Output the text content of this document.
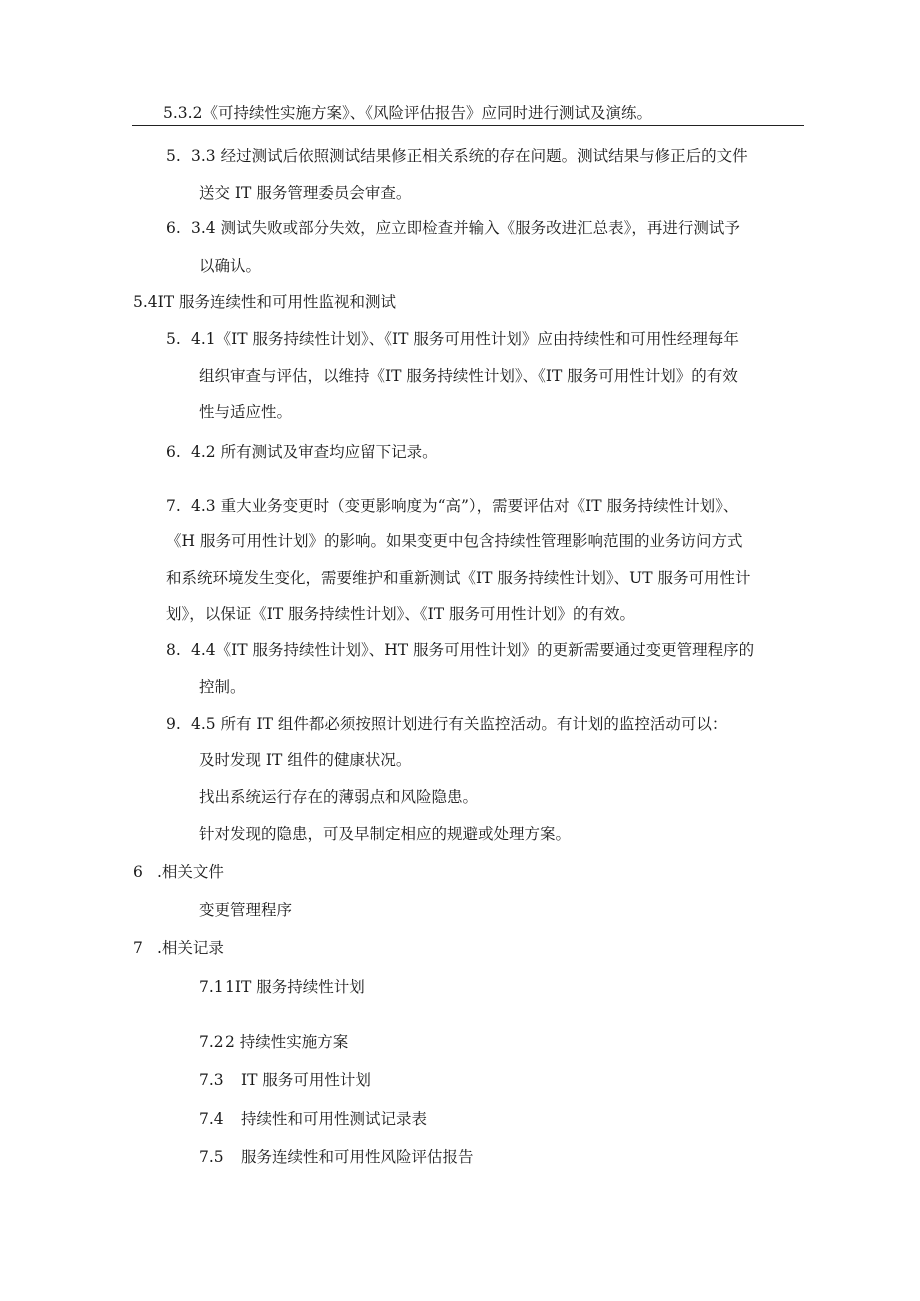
5.3.2《可持续性实施方案》、《风险评估报告》应同时进行测试及演练。
5. 3.3 经过测试后依照测试结果修正相关系统的存在问题。测试结果与修正后的文件
送交 IT 服务管理委员会审查。
6. 3.4 测试失败或部分失效，应立即检查并输入《服务改进汇总表》，再进行测试予
以确认。
5.4IT 服务连续性和可用性监视和测试
5. 4.1《IT 服务持续性计划》、《IT 服务可用性计划》应由持续性和可用性经理每年
组织审查与评估，以维持《IT 服务持续性计划》、《IT 服务可用性计划》的有效
性与适应性。
6. 4.2 所有测试及审查均应留下记录。
7. 4.3 重大业务变更时（变更影响度为“高”），需要评估对《IT 服务持续性计划》、
《H 服务可用性计划》的影响。如果变更中包含持续性管理影响范围的业务访问方式
和系统环境发生变化，需要维护和重新测试《IT 服务持续性计划》、UT 服务可用性计
划》，以保证《IT 服务持续性计划》、《IT 服务可用性计划》的有效。
8. 4.4《IT 服务持续性计划》、HT 服务可用性计划》的更新需要通过变更管理程序的
控制。
9. 4.5 所有 IT 组件都必须按照计划进行有关监控活动。有计划的监控活动可以：
及时发现 IT 组件的健康状况。
找出系统运行存在的薄弱点和风险隐患。
针对发现的隐患，可及早制定相应的规避或处理方案。
6 .相关文件
变更管理程序
7 .相关记录
7.1 1IT 服务持续性计划
7.2 2 持续性实施方案
7.3 IT 服务可用性计划
7.4 持续性和可用性测试记录表
7.5 服务连续性和可用性风险评估报告
